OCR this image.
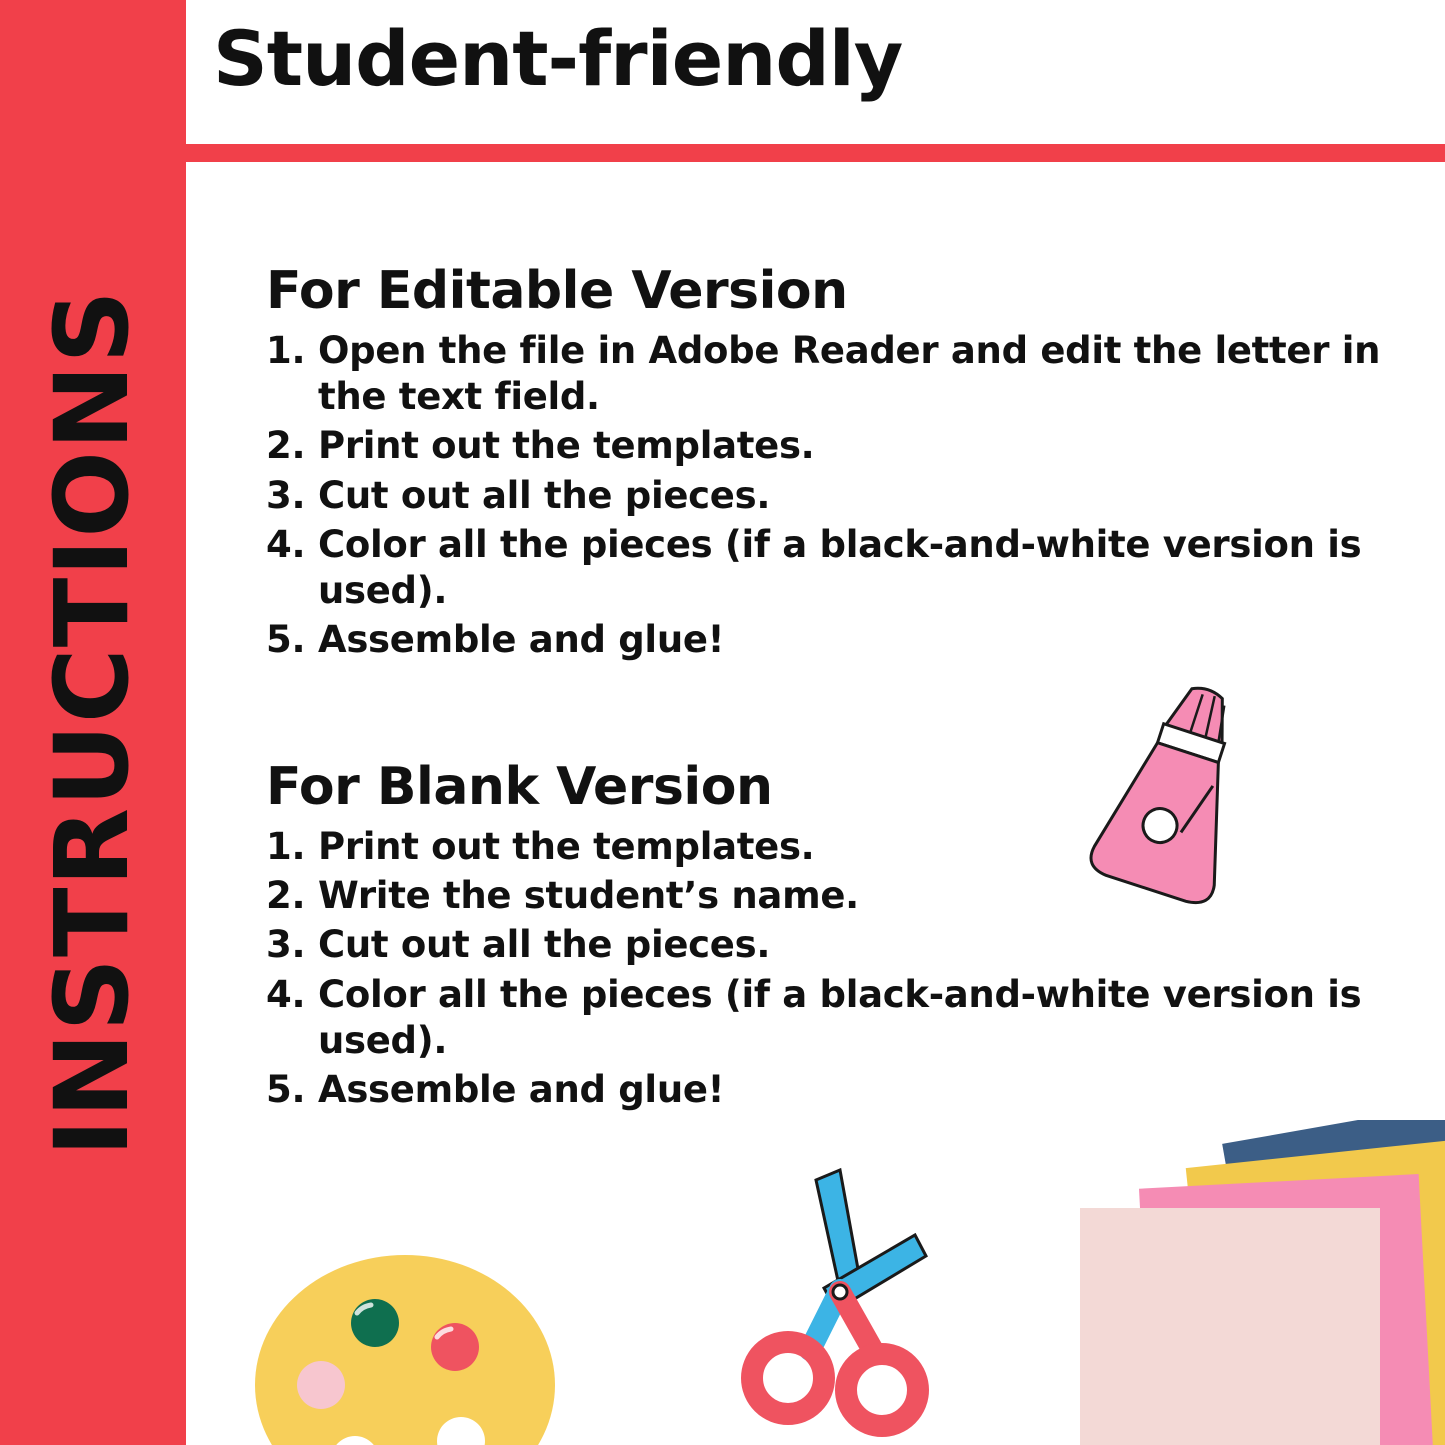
Student-friendly
INSTRUCTIONS For Editable Version
1. Open the file in Adobe Reader and edit the letter in the text field.
2. Print out the templates.
3. Cut out all the pieces.
4. Color all the pieces (if a black-and-white version is used).
5. Assemble and glue!
For Blank Version
1. Print out the templates.
2. Write the student’s name.
3. Cut out all the pieces.
4. Color all the pieces (if a black-and-white version is used).
5. Assemble and glue!
